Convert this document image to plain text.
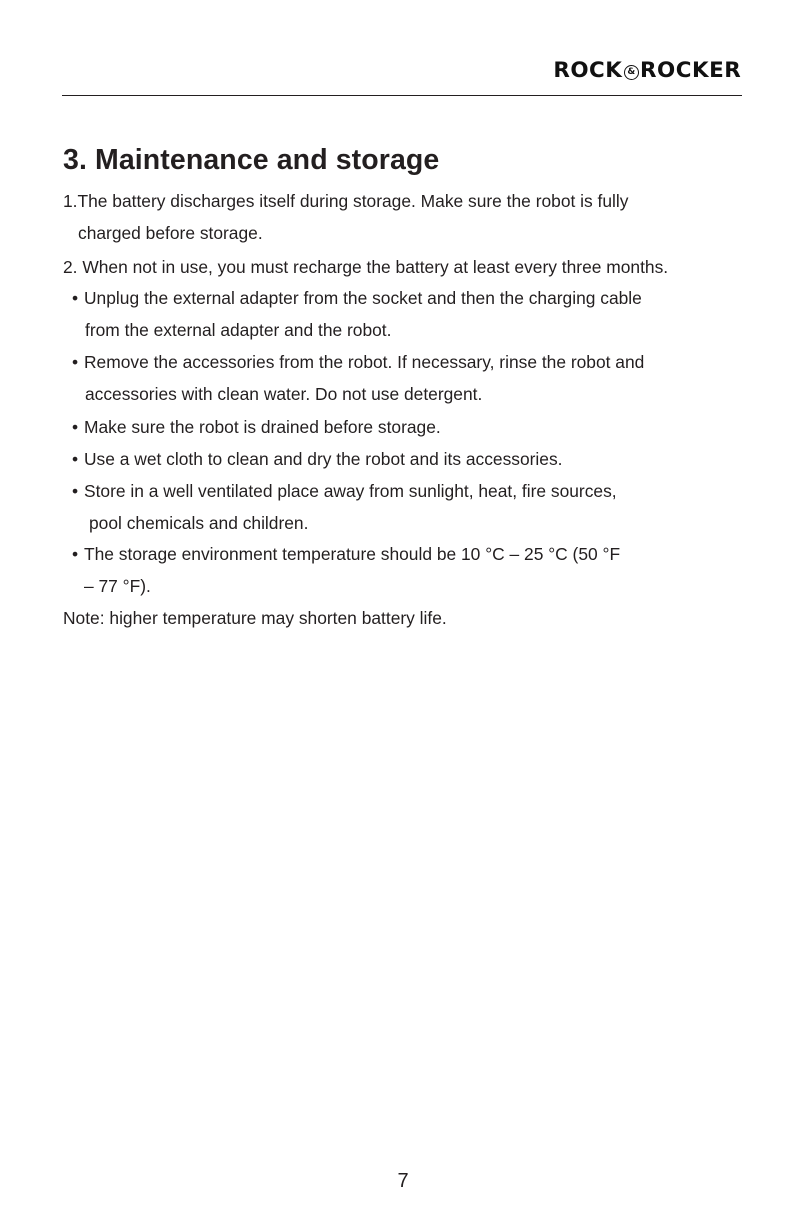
ROCK & ROCKER
3. Maintenance and storage

1.The battery discharges itself during storage. Make sure the robot is fully

charged before storage.

2. When not in use, you must recharge the battery at least every three months.

• Unplug the external adapter from the socket and then the charging cable

from the external adapter and the robot.

• Remove the accessories from the robot. If necessary, rinse the robot and

accessories with clean water. Do not use detergent.

• Make sure the robot is drained before storage.

• Use a wet cloth to clean and dry the robot and its accessories.

• Store in a well ventilated place away from sunlight, heat, fire sources,

pool chemicals and children.

• The storage environment temperature should be 10 °C – 25 °C (50 °F

– 77 °F).

Note: higher temperature may shorten battery life.

7
